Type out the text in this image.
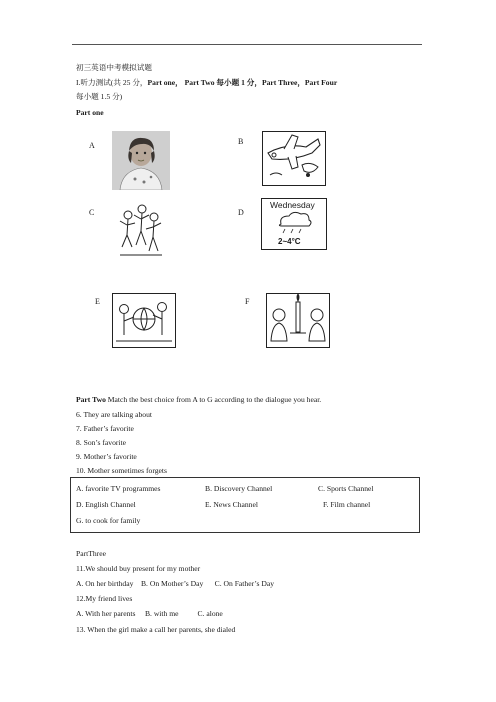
初三英语中考模拟试题
I.听力测试(共 25 分，Part one， Part Two 每小题 1 分，Part Three，Part Four
每小题 1.5 分)
Part one
A	B
C	D
Wednesday
2~4°C
E	F
Part Two Match the best choice from A to G according to the dialogue you hear.
6. They are talking about
7. Father’s favorite
8. Son’s favorite
9. Mother’s favorite
10. Mother sometimes forgets
A. favorite TV programmes	B. Discovery Channel	C. Sports Channel
D. English Channel	E. News Channel	F. Film channel
G. to cook for family
PartThree
11.We should buy present for my mother
A. On her birthday B. On Mother’s Day C. On Father’s Day
12.My friend lives
A. With her parents B. with me C. alone
13. When the girl make a call her parents, she dialed
